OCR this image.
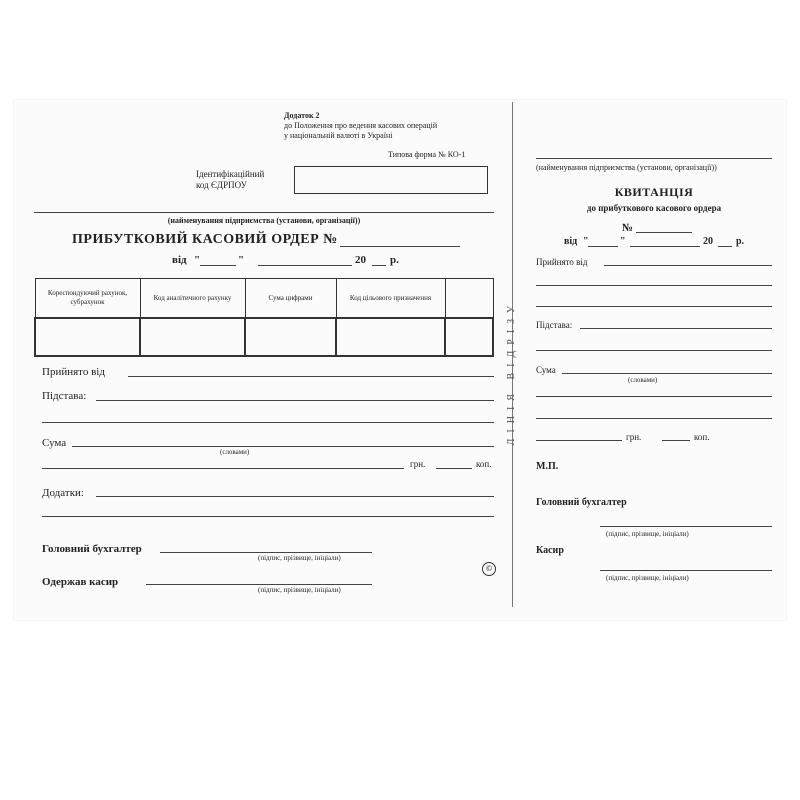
Додаток 2
до Положення про ведення касових операцій
у національній валюті в Україні
Типова форма № КО-1
Ідентифікаційний
код ЄДРПОУ
(найменування підприємства (установи, організації))
ПРИБУТКОВИЙ КАСОВИЙ ОРДЕР №
від "	"	20 р.
Кореспондуючий рахунок, субрахунок	Код аналітичного рахунку	Сума цифрами	Код цільового призначення	

Прийнято від
Підстава:
Сума
(словами)
грн.	коп.
Додатки:
Головний бухгалтер
(підпис, прізвище, ініціали)
Одержав касир
(підпис, прізвище, ініціали)
©
ЛІНІЯ ВІДРІЗУ
(найменування підприємства (установи, організації))
КВИТАНЦІЯ
до прибуткового касового ордера
№
від "	"	20 р.
Прийнято від
Підстава:
Сума
(словами)
грн.	коп.
М.П.
Головний бухгалтер
(підпис, прізвище, ініціали)
Касир
(підпис, прізвище, ініціали)
